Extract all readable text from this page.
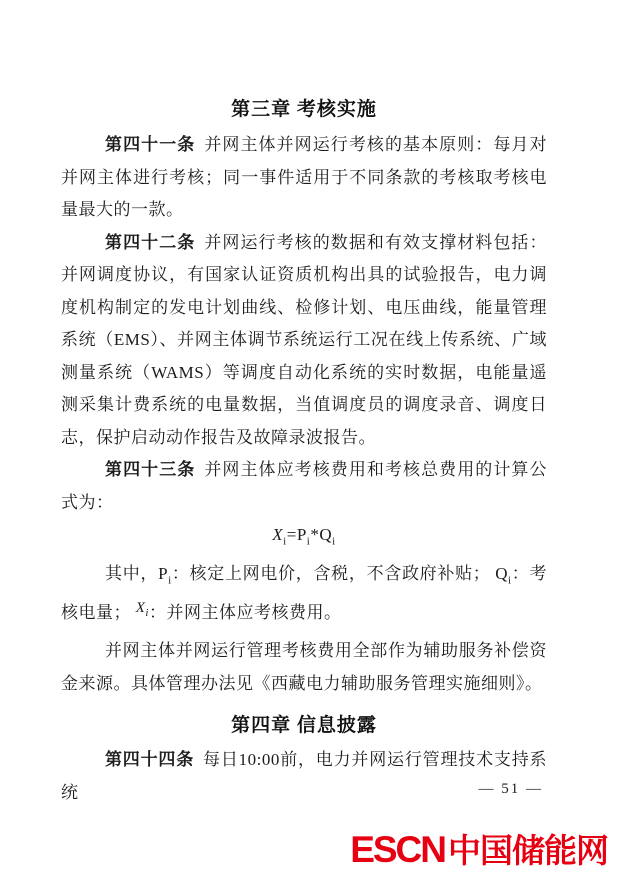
第三章 考核实施

第四十一条 并网主体并网运行考核的基本原则：每月对并网主体进行考核；同一事件适用于不同条款的考核取考核电量最大的一款。

第四十二条 并网运行考核的数据和有效支撑材料包括：并网调度协议，有国家认证资质机构出具的试验报告，电力调度机构制定的发电计划曲线、检修计划、电压曲线，能量管理系统（EMS）、并网主体调节系统运行工况在线上传系统、广域测量系统（WAMS）等调度自动化系统的实时数据，电能量遥测采集计费系统的电量数据，当值调度员的调度录音、调度日志，保护启动动作报告及故障录波报告。

第四十三条 并网主体应考核费用和考核总费用的计算公式为：

$X_i=P_i*Q_i$

其中，$P_i$：核定上网电价，含税，不含政府补贴； $Q_i$：考核电量； $X_i$：并网主体应考核费用。

并网主体并网运行管理考核费用全部作为辅助服务补偿资金来源。具体管理办法见《西藏电力辅助服务管理实施细则》。

第四章 信息披露

第四十四条 每日10:00前，电力并网运行管理技术支持系统	— 51 —
ESCN中国储能网
